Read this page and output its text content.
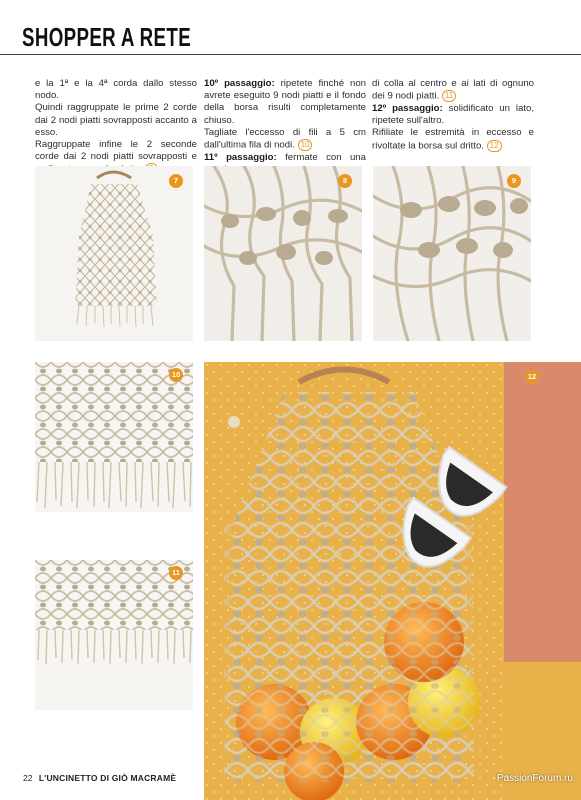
SHOPPER A RETE

e la 1ª e la 4ª corda dallo stesso nodo.

Quindi raggruppate le prime 2 corde dai 2 nodi piatti sovrapposti accanto a esso.

Raggruppate infine le 2 seconde corde dai 2 nodi piatti sovrapposti e

10º passaggio: ripetete finché non avrete eseguito 9 nodi piatti e il fondo della borsa risulti completamente chiuso.

Tagliate l'eccesso di fili a 5 cm dall'ultima fila di nodi. 10

11º passaggio: fermate con una

di colla al centro e ai lati di ognuno dei 9 nodi piatti. 11

12º passaggio: solidificato un lato, ripetete sull'altro.

Rifiliate le estremità in eccesso e rivoltate la borsa sul dritto. 12

7	8	9
10
11
12
22 L'UNCINETTO DI GIÒ MACRAMÈ	PassionForum.ru
